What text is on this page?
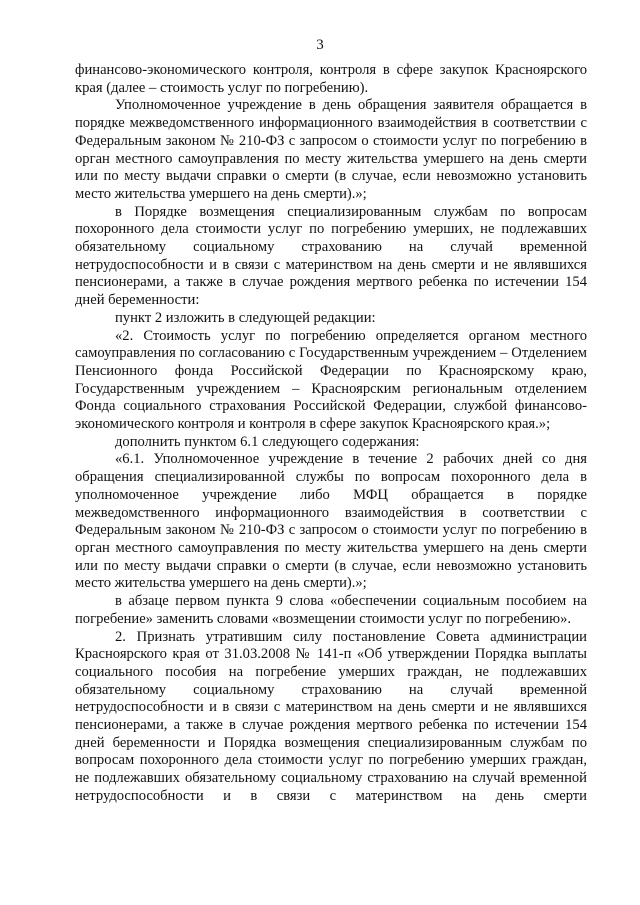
3

финансово-экономического контроля, контроля в сфере закупок Красноярского края (далее – стоимость услуг по погребению).

Уполномоченное учреждение в день обращения заявителя обращается в порядке межведомственного информационного взаимодействия в соответствии с Федеральным законом № 210-ФЗ с запросом о стоимости услуг по погребению в орган местного самоуправления по месту жительства умершего на день смерти или по месту выдачи справки о смерти (в случае, если невозможно установить место жительства умершего на день смерти).»;

в Порядке возмещения специализированным службам по вопросам похоронного дела стоимости услуг по погребению умерших, не подлежавших обязательному социальному страхованию на случай временной нетрудоспособности и в связи с материнством на день смерти и не являвшихся пенсионерами, а также в случае рождения мертвого ребенка по истечении 154 дней беременности:

пункт 2 изложить в следующей редакции:

«2. Стоимость услуг по погребению определяется органом местного самоуправления по согласованию с Государственным учреждением – Отделением Пенсионного фонда Российской Федерации по Красноярскому краю, Государственным учреждением – Красноярским региональным отделением Фонда социального страхования Российской Федерации, службой финансово-экономического контроля и контроля в сфере закупок Красноярского края.»;

дополнить пунктом 6.1 следующего содержания:

«6.1. Уполномоченное учреждение в течение 2 рабочих дней со дня обращения специализированной службы по вопросам похоронного дела в уполномоченное учреждение либо МФЦ обращается в порядке межведомственного информационного взаимодействия в соответствии с Федеральным законом № 210-ФЗ с запросом о стоимости услуг по погребению в орган местного самоуправления по месту жительства умершего на день смерти или по месту выдачи справки о смерти (в случае, если невозможно установить место жительства умершего на день смерти).»;

в абзаце первом пункта 9 слова «обеспечении социальным пособием на погребение» заменить словами «возмещении стоимости услуг по погребению».

2. Признать утратившим силу постановление Совета администрации Красноярского края от 31.03.2008 № 141-п «Об утверждении Порядка выплаты социального пособия на погребение умерших граждан, не подлежавших обязательному социальному страхованию на случай временной нетрудоспособности и в связи с материнством на день смерти и не являвшихся пенсионерами, а также в случае рождения мертвого ребенка по истечении 154 дней беременности и Порядка возмещения специализированным службам по вопросам похоронного дела стоимости услуг по погребению умерших граждан, не подлежавших обязательному социальному страхованию на случай временной нетрудоспособности и в связи с материнством на день смерти
